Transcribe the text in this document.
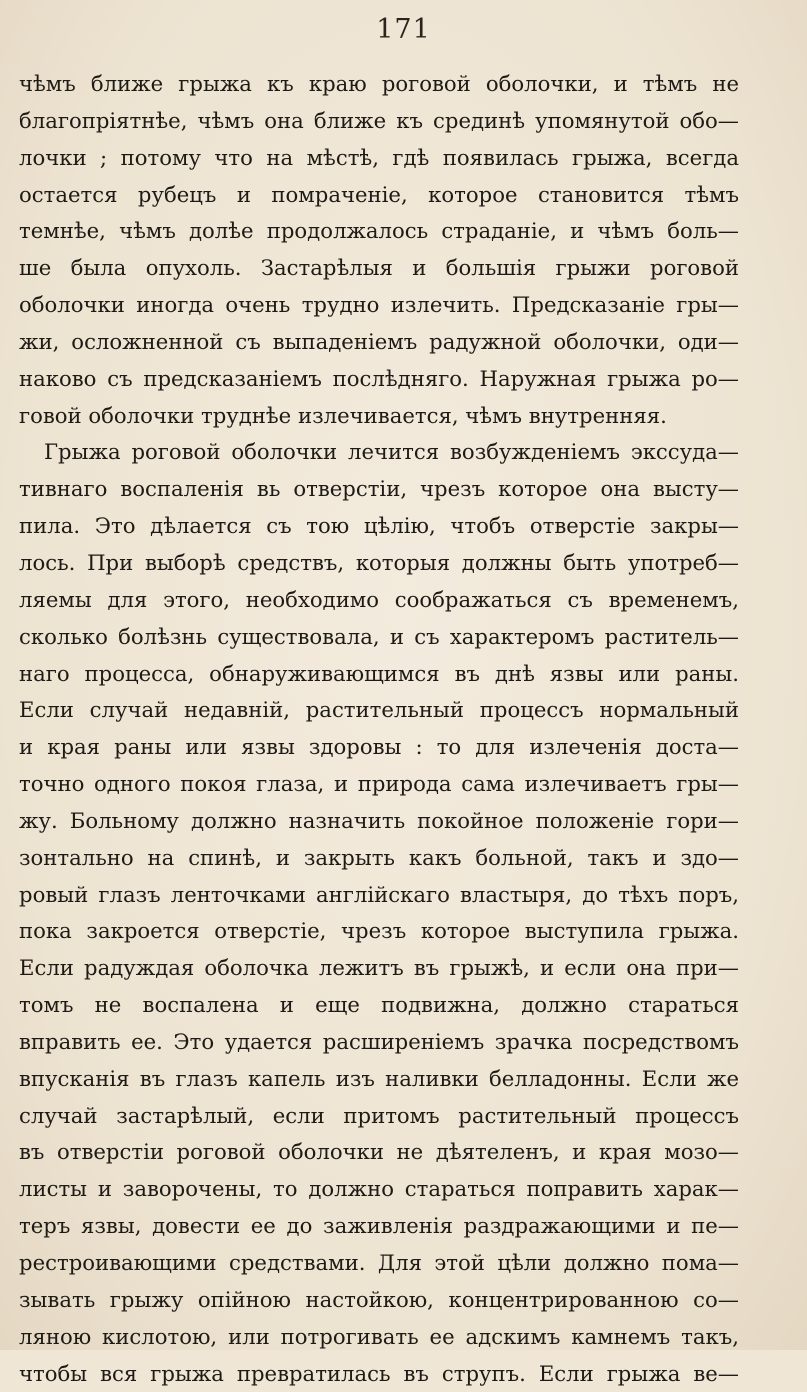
171
чѣмъ ближе грыжа къ краю роговой оболочки, и тѣмъ не
благопріятнѣе, чѣмъ она ближе къ срединѣ упомянутой обо—
лочки ; потому что на мѣстѣ, гдѣ появилась грыжа, всегда
остается рубецъ и помраченіе, которое становится тѣмъ
темнѣе, чѣмъ долѣе продолжалось страданіе, и чѣмъ боль—
ше была опухоль. Застарѣлыя и большія грыжи роговой
оболочки иногда очень трудно излечить. Предсказаніе гры—
жи, осложненной съ выпаденіемъ радужной оболочки, оди—
наково съ предсказаніемъ послѣдняго. Наружная грыжа ро—
говой оболочки труднѣе излечивается, чѣмъ внутренняя.
Грыжа роговой оболочки лечится возбужденіемъ экссуда—
тивнаго воспаленія вь отверстіи, чрезъ которое она высту—
пила. Это дѣлается съ тою цѣлію, чтобъ отверстіе закры—
лось. При выборѣ средствъ, которыя должны быть употреб—
ляемы для этого, необходимо соображаться съ временемъ,
сколько болѣзнь существовала, и съ характеромъ раститель—
наго процесса, обнаруживающимся въ днѣ язвы или раны.
Если случай недавній, растительный процессъ нормальный
и края раны или язвы здоровы : то для излеченія доста—
точно одного покоя глаза, и природа сама излечиваетъ гры—
жу. Больному должно назначить покойное положеніе гори—
зонтально на спинѣ, и закрыть какъ больной, такъ и здо—
ровый глазъ ленточками англійскаго властыря, до тѣхъ поръ,
пока закроется отверстіе, чрезъ которое выступила грыжа.
Если радуждая оболочка лежитъ въ грыжѣ, и если она при—
томъ не воспалена и еще подвижна, должно стараться
вправить ее. Это удается расширеніемъ зрачка посредствомъ
впусканія въ глазъ капель изъ наливки белладонны. Если же
случай застарѣлый, если притомъ растительный процессъ
въ отверстіи роговой оболочки не дѣятеленъ, и края мозо—
листы и заворочены, то должно стараться поправить харак—
теръ язвы, довести ее до заживленія раздражающими и пе—
рестроивающими средствами. Для этой цѣли должно пома—
зывать грыжу опійною настойкою, концентрированною со—
ляною кислотою, или потрогивать ее адскимъ камнемъ такъ,
чтобы вся грыжа превратилась въ струпъ. Если грыжа ве—
